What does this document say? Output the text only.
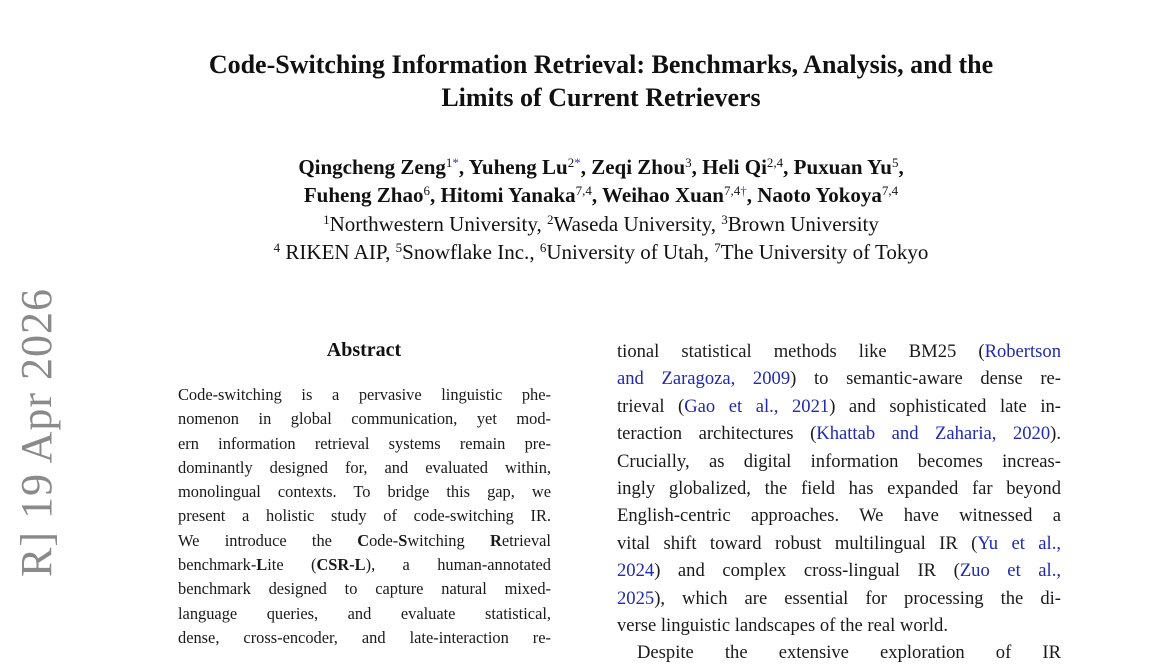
R] 19 Apr 2026
Code-Switching Information Retrieval: Benchmarks, Analysis, and the
Limits of Current Retrievers
Qingcheng Zeng$^{1*}$, Yuheng $Lu^{2*}$, Zeqi Zhou$^3$, Heli Qi$^{2,4}$, Puxuan Yu$^5$,
Fuheng Zhao$^6$, Hitomi Yanaka$^{7,4}$, Weihao Xuan$^{7,4\dagger}$, Naoto Yokoya$^{7,4}$
$^1$Northwestern University, $^2$Waseda University, $^3$Brown University
$^4$ RIKEN AIP, $^5$Snowflake Inc., $^6$University of Utah, $^7$The University of Tokyo
Abstract
Code-switching is a pervasive linguistic phe-
nomenon in global communication, yet mod-
ern information retrieval systems remain pre-
dominantly designed for, and evaluated within,
monolingual contexts. To bridge this gap, we
present a holistic study of code-switching IR.
We introduce the Code-Switching Retrieval
benchmark-Lite (CSR-L), a human-annotated
benchmark designed to capture natural mixed-
language queries, and evaluate statistical,
dense, cross-encoder, and late-interaction re-
tional statistical methods like BM25 (Robertson
and Zaragoza, 2009) to semantic-aware dense re-
trieval (Gao et al., 2021) and sophisticated late in-
teraction architectures (Khattab and Zaharia, 2020).
Crucially, as digital information becomes increas-
ingly globalized, the field has expanded far beyond
English-centric approaches. We have witnessed a
vital shift toward robust multilingual IR (Yu et al.,
2024) and complex cross-lingual IR (Zuo et al.,
2025), which are essential for processing the di-
verse linguistic landscapes of the real world.
Despite the extensive exploration of IR
